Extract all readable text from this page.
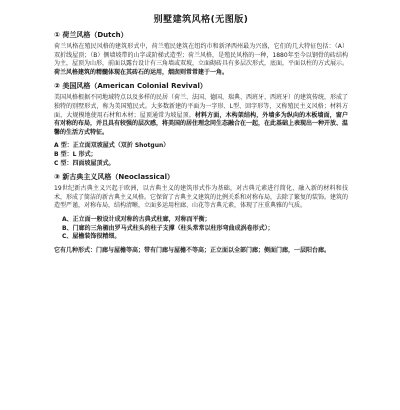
别墅建筑风格(无图版)
① 荷兰风格（Dutch）
荷兰风格在殖民风格的建筑形式中，荷兰殖民建筑在纽约市和新泽西州最为兴盛，它们的几大特征包括：（A）双折线屋顶；（B）侧墙坡带的山字或阶梯式造型；荷兰风格，是殖民风格的一种，1880年至今以钢骨的砖结构为主，屋顶为山形，前面以露台设计有三角墙或双坡，立面砌砖具有多层次形式，底面，平面以柱的方式展示。荷兰风格建筑的精髓体现在其砖石的运用，烟囱则常常建于一角。
② 美国风格（American Colonial Revival）
美国风格根据不同地域特点以及多样的民居（荷兰、法国、德国、瑞典、西班牙、西班牙）的建筑传统，形成了独特的别墅形式，称为美国殖民式。大多数新建的平面为一字形、L型、回字形等，又称殖民主义风格；材料方面，大规模地使用石材和木材；屋顶通常为坡屋顶。材料方面，木构架结构，外墙多为纵向的木板墙面，窗户有对称的布局，并且具有较强的层次感，将美国的居住理念同生态融合在一起，在此基础上表现出一种开放、温馨的生活方式特征。
A 型：正立面双坡屋式（双折 Shotgun）
B 型：L 形式；
C 型：四面坡屋顶式。
③ 新古典主义风格（Neoclassical）
19世纪新古典主义兴起于欧洲，以古典主义的建筑形式作为基础，对古典元素进行简化，融入新的材料和技术，形成了简洁的新古典主义风格。它保留了古典主义建筑的比例关系和对称布局，去除了繁复的装饰。建筑的造型严谨，对称布局，结构清晰，立面多运用柱廊、山花等古典元素，体现了庄重典雅的气质。
A、正立面一般设计成对称的古典式柱廊，对称而平衡；
B、门廊的三角楣由罗马式柱头的柱子支撑（柱头常常以柱形弯曲成涡卷形式）；
C、屋檐装饰很精细。
它有几种形式：门廊与屋檐等高；带有门廊与屋檐不等高；正立面以全部门廊；侧面门廊，一层阳台廊。
